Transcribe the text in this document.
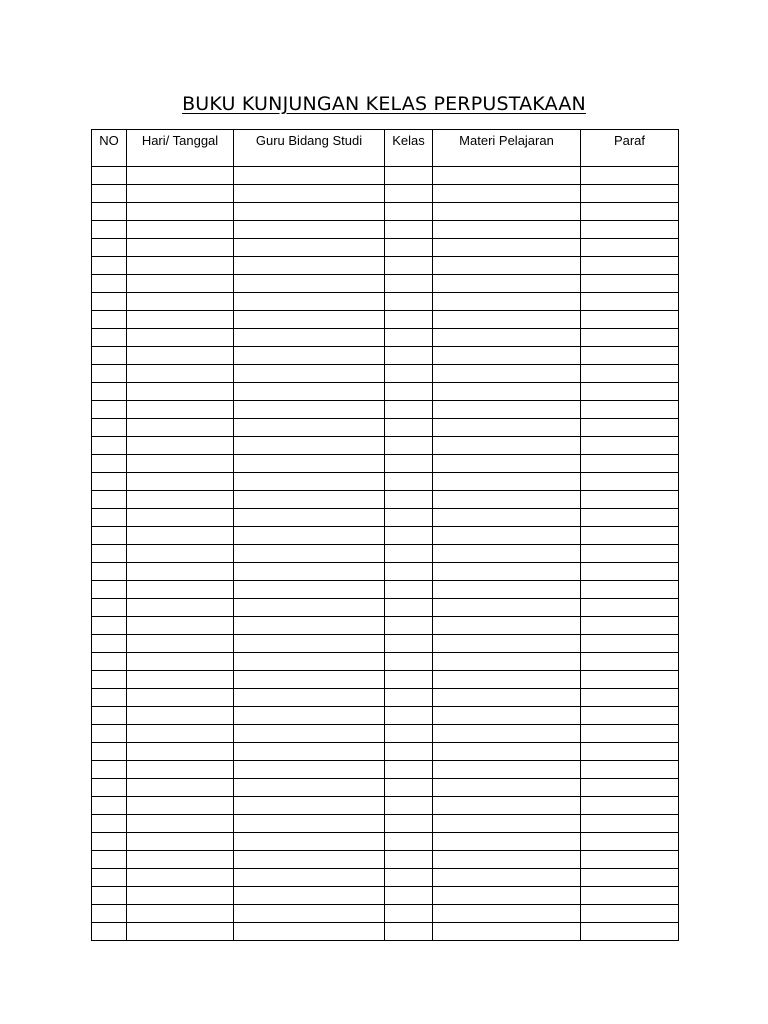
BUKU KUNJUNGAN KELAS PERPUSTAKAAN
NO	Hari/ Tanggal	Guru Bidang Studi	Kelas	Materi Pelajaran	Paraf
